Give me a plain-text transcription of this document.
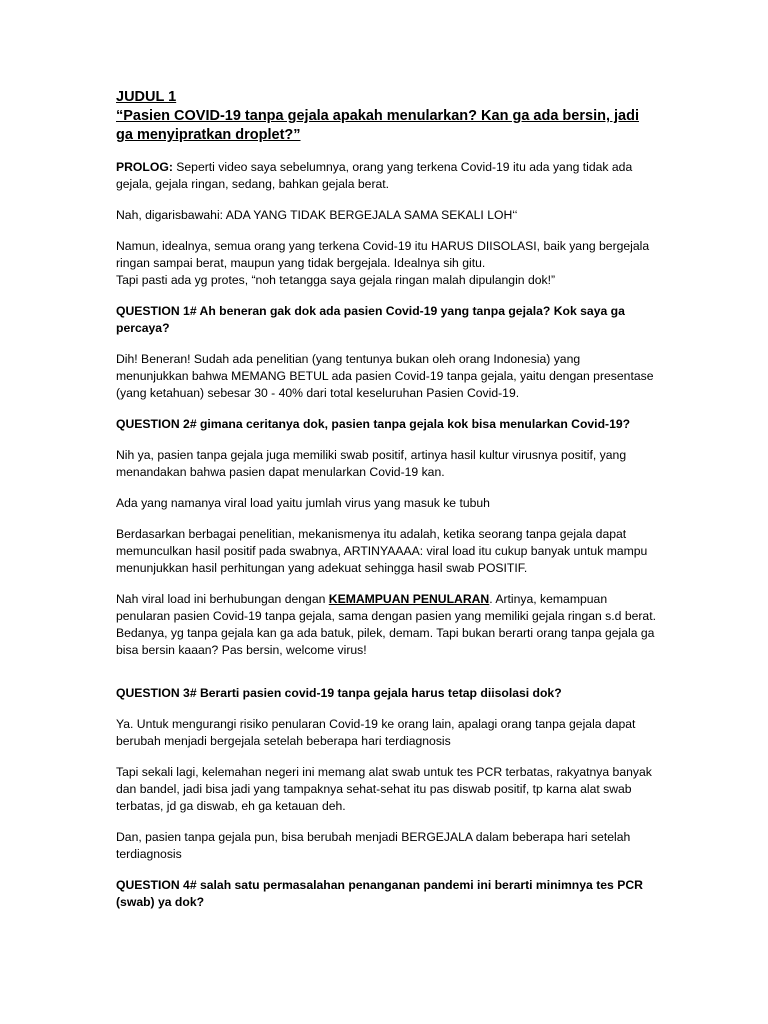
JUDUL 1
“Pasien COVID-19 tanpa gejala apakah menularkan? Kan ga ada bersin, jadi ga menyipratkan droplet?”

PROLOG: Seperti video saya sebelumnya, orang yang terkena Covid-19 itu ada yang tidak ada gejala, gejala ringan, sedang, bahkan gejala berat.

Nah, digarisbawahi: ADA YANG TIDAK BERGEJALA SAMA SEKALI LOH‘‘

Namun, idealnya, semua orang yang terkena Covid-19 itu HARUS DIISOLASI, baik yang bergejala ringan sampai berat, maupun yang tidak bergejala. Idealnya sih gitu.
Tapi pasti ada yg protes, “noh tetangga saya gejala ringan malah dipulangin dok!”

QUESTION 1# Ah beneran gak dok ada pasien Covid-19 yang tanpa gejala? Kok saya ga percaya?

Dih! Beneran! Sudah ada penelitian (yang tentunya bukan oleh orang Indonesia) yang menunjukkan bahwa MEMANG BETUL ada pasien Covid-19 tanpa gejala, yaitu dengan presentase (yang ketahuan) sebesar 30 - 40% dari total keseluruhan Pasien Covid-19.

QUESTION 2# gimana ceritanya dok, pasien tanpa gejala kok bisa menularkan Covid-19?

Nih ya, pasien tanpa gejala juga memiliki swab positif, artinya hasil kultur virusnya positif, yang menandakan bahwa pasien dapat menularkan Covid-19 kan.

Ada yang namanya viral load yaitu jumlah virus yang masuk ke tubuh

Berdasarkan berbagai penelitian, mekanismenya itu adalah, ketika seorang tanpa gejala dapat memunculkan hasil positif pada swabnya, ARTINYAAAA: viral load itu cukup banyak untuk mampu menunjukkan hasil perhitungan yang adekuat sehingga hasil swab POSITIF.

Nah viral load ini berhubungan dengan KEMAMPUAN PENULARAN. Artinya, kemampuan penularan pasien Covid-19 tanpa gejala, sama dengan pasien yang memiliki gejala ringan s.d berat. Bedanya, yg tanpa gejala kan ga ada batuk, pilek, demam. Tapi bukan berarti orang tanpa gejala ga bisa bersin kaaan? Pas bersin, welcome virus!

QUESTION 3# Berarti pasien covid-19 tanpa gejala harus tetap diisolasi dok?

Ya. Untuk mengurangi risiko penularan Covid-19 ke orang lain, apalagi orang tanpa gejala dapat berubah menjadi bergejala setelah beberapa hari terdiagnosis

Tapi sekali lagi, kelemahan negeri ini memang alat swab untuk tes PCR terbatas, rakyatnya banyak dan bandel, jadi bisa jadi yang tampaknya sehat-sehat itu pas diswab positif, tp karna alat swab terbatas, jd ga diswab, eh ga ketauan deh.

Dan, pasien tanpa gejala pun, bisa berubah menjadi BERGEJALA dalam beberapa hari setelah terdiagnosis

QUESTION 4# salah satu permasalahan penanganan pandemi ini berarti minimnya tes PCR (swab) ya dok?
